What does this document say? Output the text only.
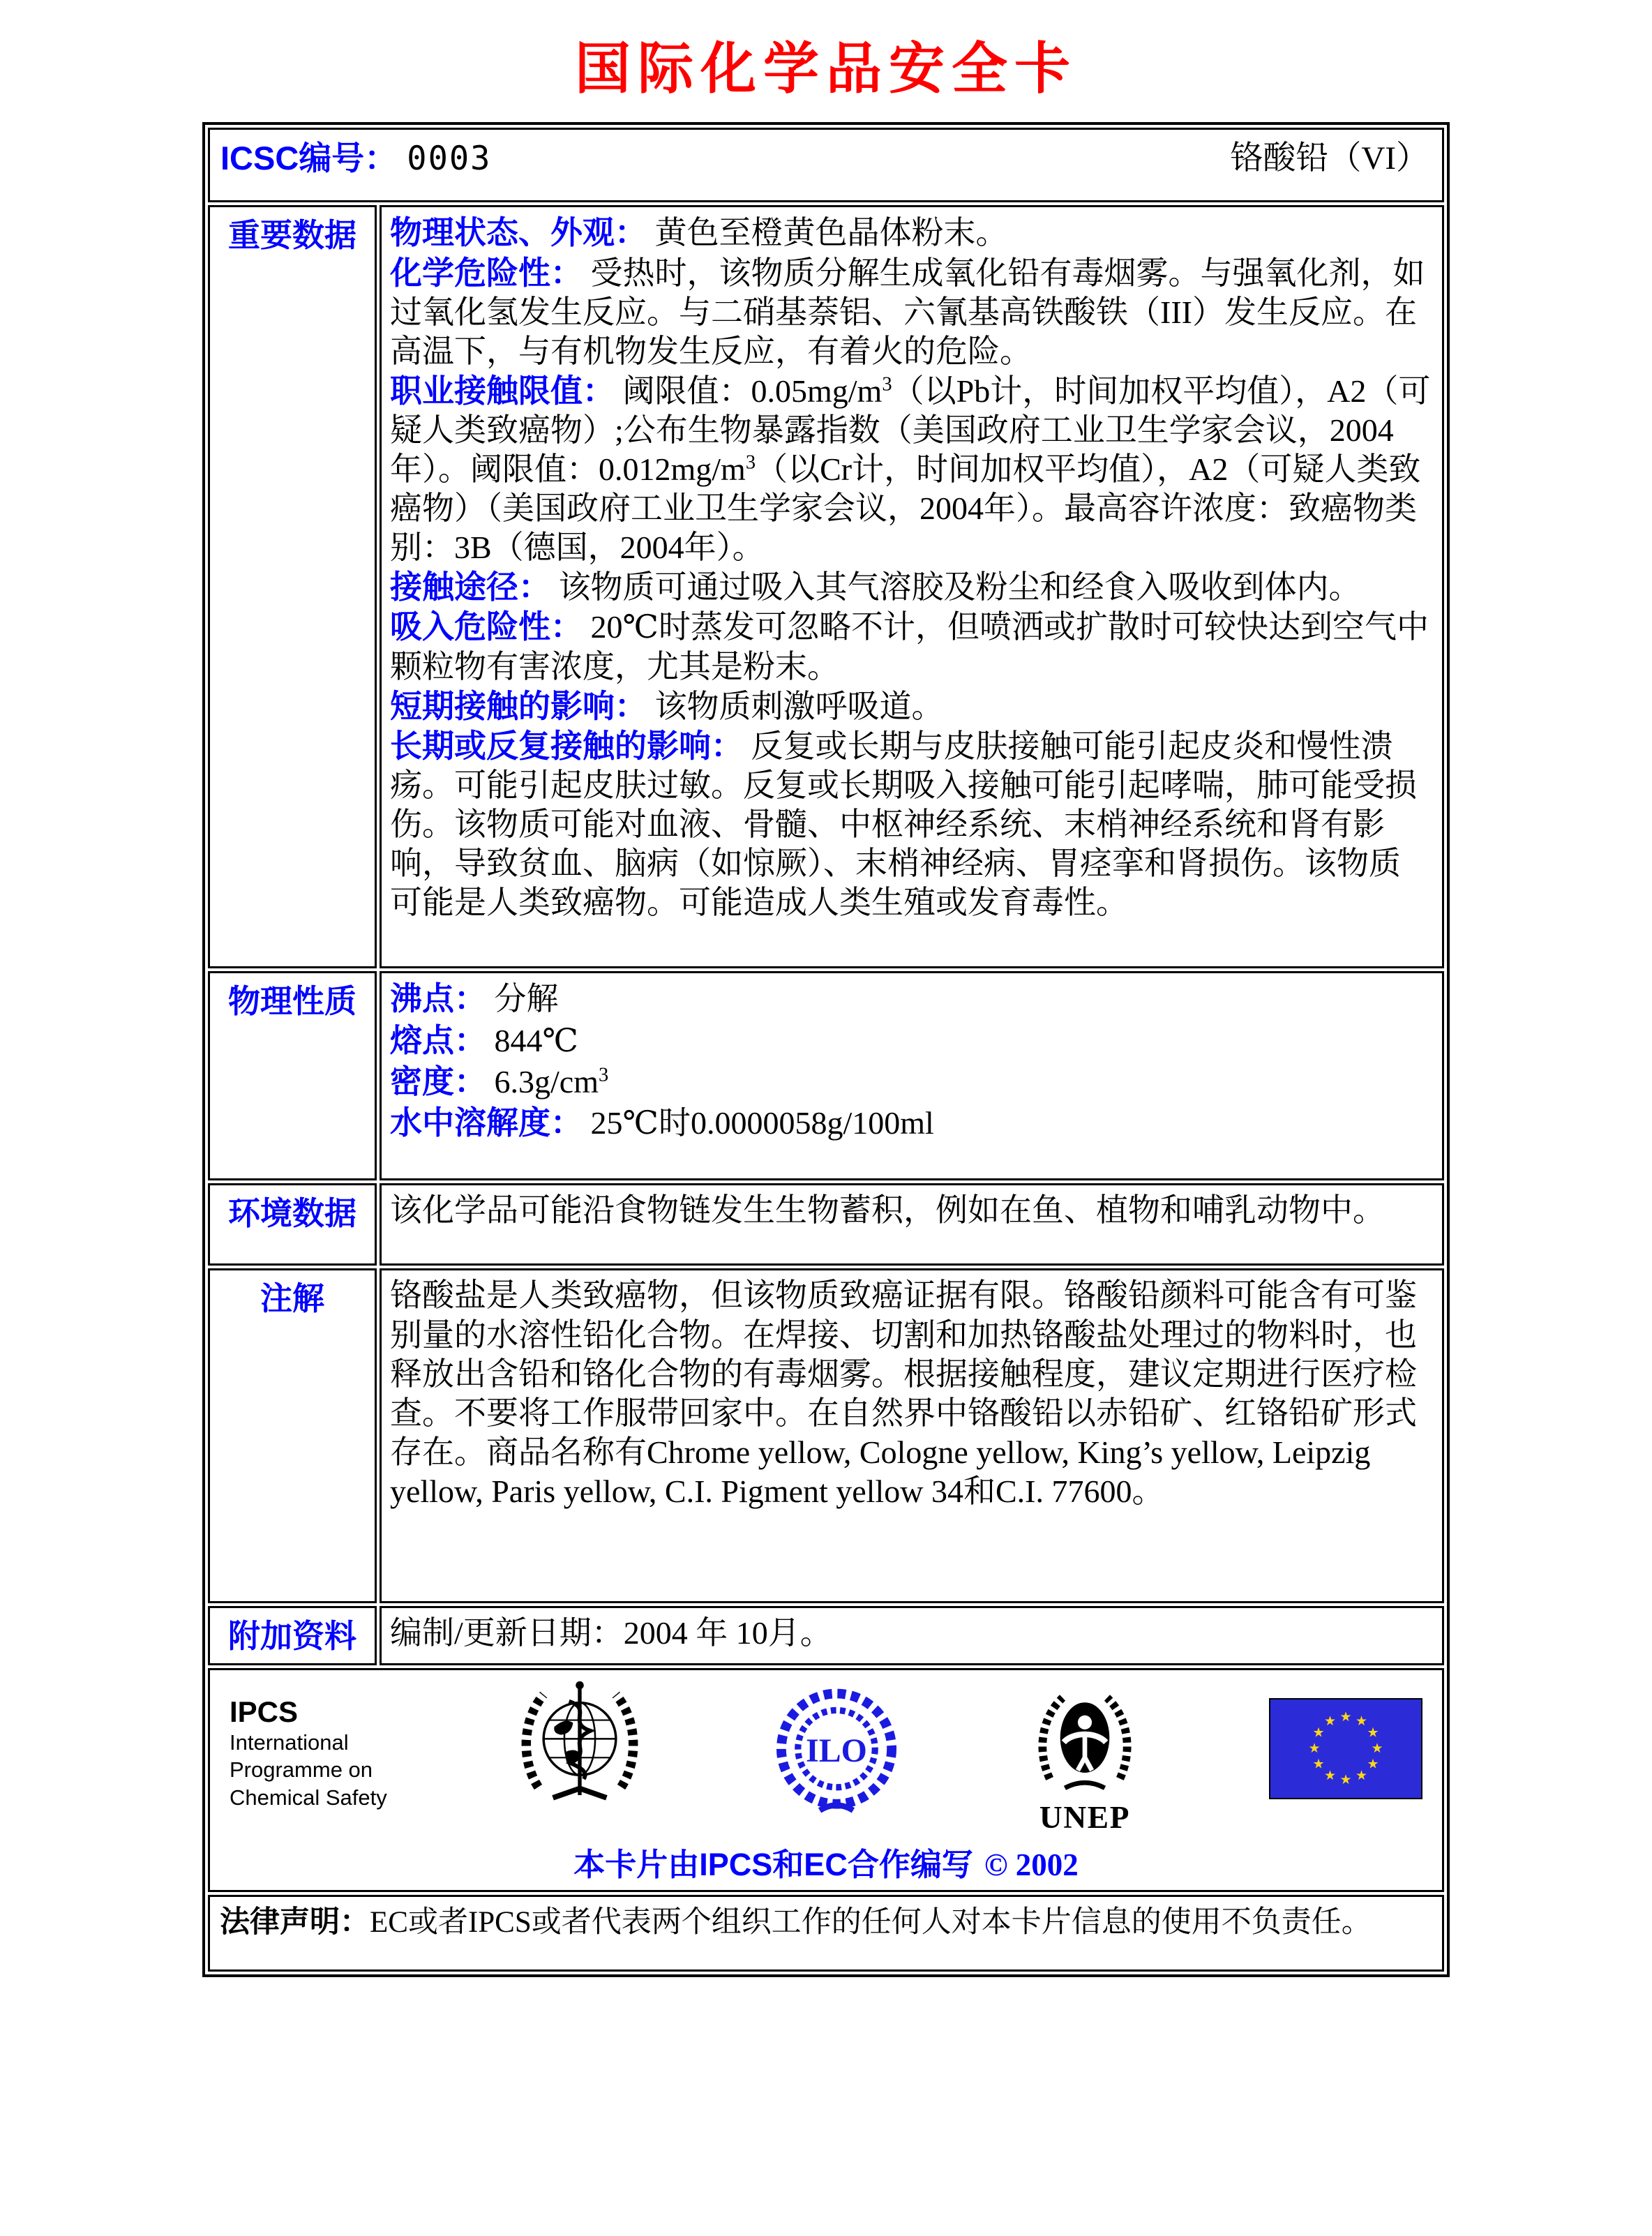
国际化学品安全卡
ICSC编号： 0003 铬酸铅（VI）	

重要数据	物理状态、外观： 黄色至橙黄色晶体粉末。
化学危险性： 受热时，该物质分解生成氧化铅有毒烟雾。与强氧化剂，如过氧化氢发生反应。与二硝基萘铝、六氰基高铁酸铁（III）发生反应。在高温下，与有机物发生反应，有着火的危险。
职业接触限值： 阈限值：$0.05mg/m^3$（以Pb计，时间加权平均值），A2（可疑人类致癌物）;公布生物暴露指数（美国政府工业卫生学家会议，2004年）。阈限值：$0.012mg/m^3$（以Cr计，时间加权平均值），A2（可疑人类致癌物）（美国政府工业卫生学家会议，2004年）。最高容许浓度：致癌物类别：3B（德国，2004年）。
接触途径： 该物质可通过吸入其气溶胶及粉尘和经食入吸收到体内。
吸入危险性： 20℃时蒸发可忽略不计，但喷洒或扩散时可较快达到空气中颗粒物有害浓度，尤其是粉末。
短期接触的影响： 该物质刺激呼吸道。
长期或反复接触的影响： 反复或长期与皮肤接触可能引起皮炎和慢性溃疡。可能引起皮肤过敏。反复或长期吸入接触可能引起哮喘，肺可能受损伤。该物质可能对血液、骨髓、中枢神经系统、末梢神经系统和肾有影响，导致贫血、脑病（如惊厥）、末梢神经病、胃痉挛和肾损伤。该物质可能是人类致癌物。可能造成人类生殖或发育毒性。

物理性质	沸点： 分解
熔点： 844℃
密度： $6.3g/cm^3$
水中溶解度： 25℃时0.0000058g/100ml

环境数据	该化学品可能沿食物链发生生物蓄积，例如在鱼、植物和哺乳动物中。
注解	铬酸盐是人类致癌物，但该物质致癌证据有限。铬酸铅颜料可能含有可鉴别量的水溶性铅化合物。在焊接、切割和加热铬酸盐处理过的物料时，也释放出含铅和铬化合物的有毒烟雾。根据接触程度，建议定期进行医疗检查。不要将工作服带回家中。在自然界中铬酸铅以赤铅矿、红铬铅矿形式存在。商品名称有Chrome yellow, Cologne yellow, King’s yellow, Leipzig yellow, Paris yellow, C.I. Pigment yellow 34和C.I. 77600。
附加资料	编制/更新日期：2004 年 10月。

IPCS
International
Programme on
Chemical Safety
ILO
UNEP
★ ★
★
★
★
★
★
★
★
★
★
★
本卡片由IPCS和EC合作编写 © 2002

法律声明：EC或者IPCS或者代表两个组织工作的任何人对本卡片信息的使用不负责任。	
